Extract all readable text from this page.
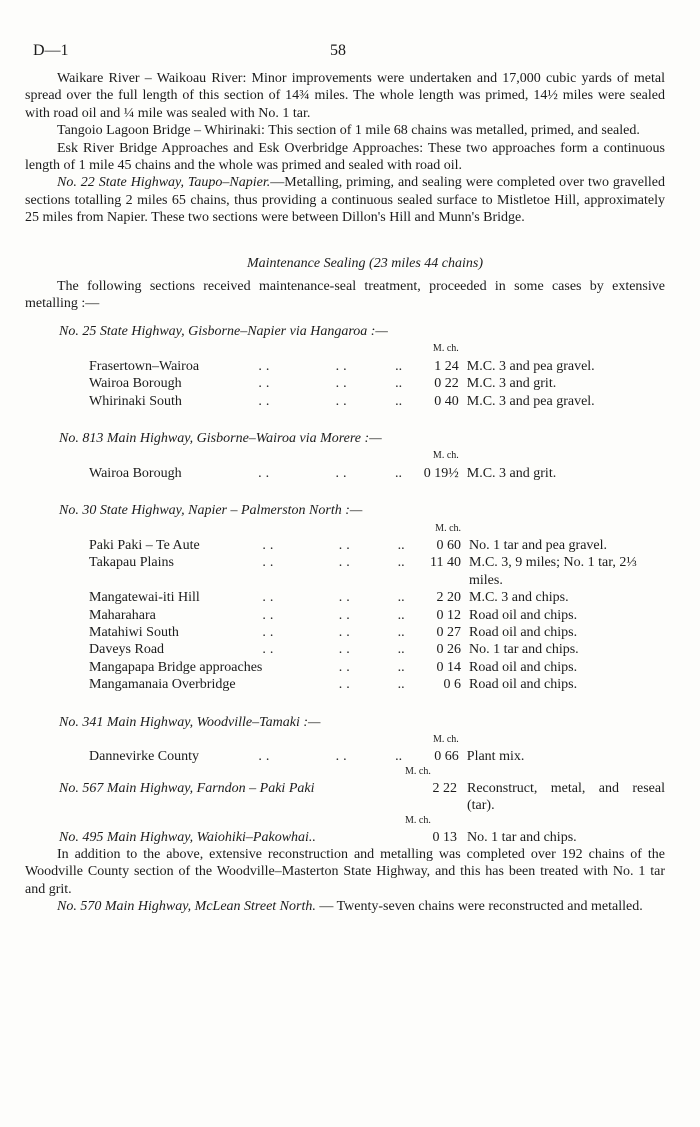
D—1	58

Waikare River – Waikoau River: Minor improvements were undertaken and 17,000 cubic yards of metal spread over the full length of this section of 14¾ miles. The whole length was primed, 14½ miles were sealed with road oil and ¼ mile was sealed with No. 1 tar.

Tangoio Lagoon Bridge – Whirinaki: This section of 1 mile 68 chains was metalled, primed, and sealed.

Esk River Bridge Approaches and Esk Overbridge Approaches: These two approaches form a continuous length of 1 mile 45 chains and the whole was primed and sealed with road oil.

No. 22 State Highway, Taupo–Napier.—Metalling, priming, and sealing were completed over two gravelled sections totalling 2 miles 65 chains, thus providing a continuous sealed surface to Mistletoe Hill, approximately 25 miles from Napier. These two sections were between Dillon's Hill and Munn's Bridge.

Maintenance Sealing (23 miles 44 chains)

The following sections received maintenance-seal treatment, proceeded in some cases by extensive metalling :—

No. 25 State Highway, Gisborne–Napier via Hangaroa :—
				M. ch.	
Frasertown–Wairoa	..	..	..	1 24	M.C. 3 and pea gravel.
Wairoa Borough	..	..	..	0 22	M.C. 3 and grit.
Whirinaki South	..	..	..	0 40	M.C. 3 and pea gravel.
No. 813 Main Highway, Gisborne–Wairoa via Morere :—
				M. ch.	
Wairoa Borough	..	..	..	0 19½	M.C. 3 and grit.
No. 30 State Highway, Napier – Palmerston North :—
				M. ch.	
Paki Paki – Te Aute	..	..	..	0 60	No. 1 tar and pea gravel.
Takapau Plains	..	..	..	11 40	M.C. 3, 9 miles; No. 1 tar, 2⅓ miles.
Mangatewai-iti Hill	..	..	..	2 20	M.C. 3 and chips.
Maharahara	..	..	..	0 12	Road oil and chips.
Matahiwi South	..	..	..	0 27	Road oil and chips.
Daveys Road	..	..	..	0 26	No. 1 tar and chips.
Mangapapa Bridge approaches		..	..	0 14	Road oil and chips.
Mangamanaia Overbridge		..	..	0 6	Road oil and chips.
No. 341 Main Highway, Woodville–Tamaki :—
				M. ch.	
Dannevirke County	..	..	..	0 66	Plant mix.
M. ch.
No. 567 Main Highway, Farndon – Paki Paki	2 22 Reconstruct, metal, and reseal (tar).
M. ch.
No. 495 Main Highway, Waiohiki–Pakowhai..	0 13 No. 1 tar and chips.

In addition to the above, extensive reconstruction and metalling was completed over 192 chains of the Woodville County section of the Woodville–Masterton State Highway, and this has been treated with No. 1 tar and grit.

No. 570 Main Highway, McLean Street North. — Twenty-seven chains were reconstructed and metalled.
